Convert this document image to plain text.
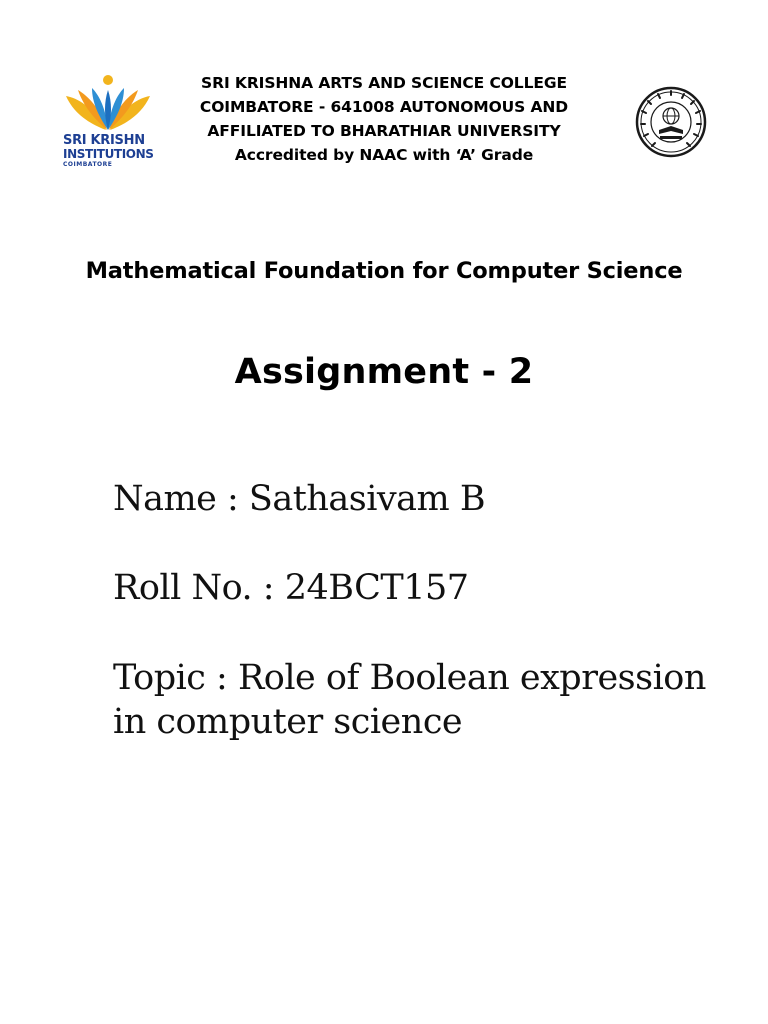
SRI KRISHN
INSTITUTIONS
COIMBATORE
SRI KRISHNA ARTS AND SCIENCE COLLEGE
COIMBATORE - 641008 AUTONOMOUS AND
AFFILIATED TO BHARATHIAR UNIVERSITY
Accredited by NAAC with ‘A’ Grade
Mathematical Foundation for Computer Science
Assignment - 2
Name : Sathasivam B
Roll No. : 24BCT157
Topic : Role of Boolean expression
in computer science
